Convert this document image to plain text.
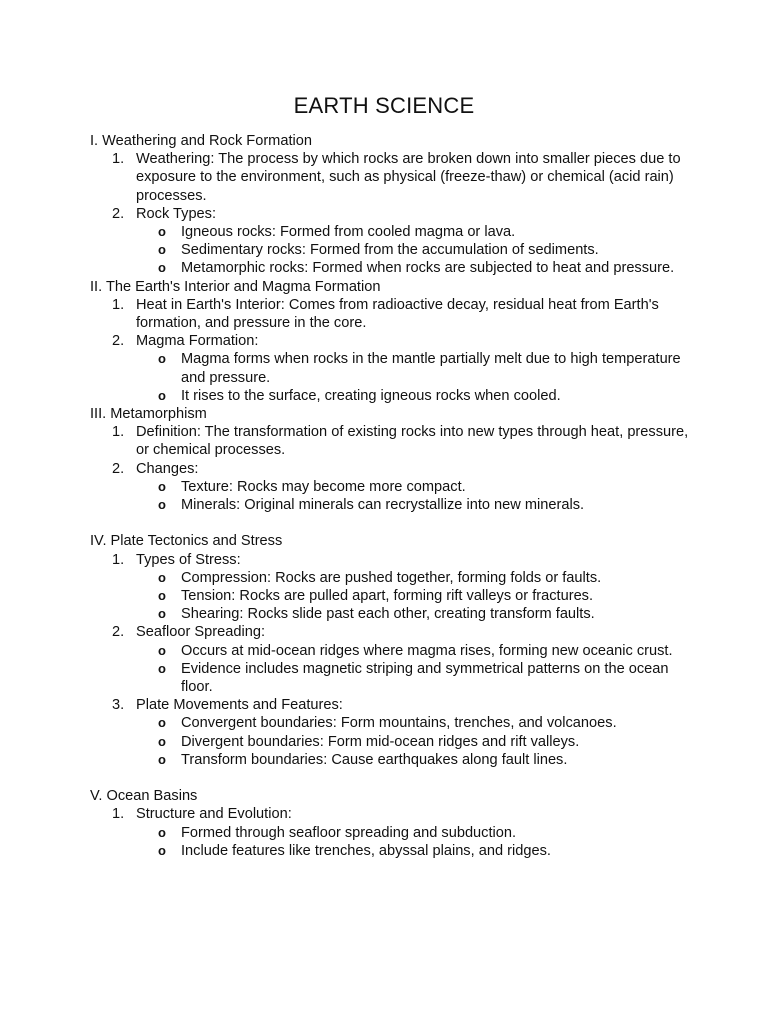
EARTH SCIENCE
I. Weathering and Rock Formation
1. Weathering: The process by which rocks are broken down into smaller pieces due to exposure to the environment, such as physical (freeze-thaw) or chemical (acid rain) processes.
2. Rock Types:
o Igneous rocks: Formed from cooled magma or lava.
o Sedimentary rocks: Formed from the accumulation of sediments.
o Metamorphic rocks: Formed when rocks are subjected to heat and pressure.
II. The Earth's Interior and Magma Formation
1. Heat in Earth's Interior: Comes from radioactive decay, residual heat from Earth's formation, and pressure in the core.
2. Magma Formation:
o Magma forms when rocks in the mantle partially melt due to high temperature and pressure.
o It rises to the surface, creating igneous rocks when cooled.
III. Metamorphism
1. Definition: The transformation of existing rocks into new types through heat, pressure, or chemical processes.
2. Changes:
o Texture: Rocks may become more compact.
o Minerals: Original minerals can recrystallize into new minerals.
IV. Plate Tectonics and Stress
1. Types of Stress:
o Compression: Rocks are pushed together, forming folds or faults.
o Tension: Rocks are pulled apart, forming rift valleys or fractures.
o Shearing: Rocks slide past each other, creating transform faults.
2. Seafloor Spreading:
o Occurs at mid-ocean ridges where magma rises, forming new oceanic crust.
o Evidence includes magnetic striping and symmetrical patterns on the ocean floor.
3. Plate Movements and Features:
o Convergent boundaries: Form mountains, trenches, and volcanoes.
o Divergent boundaries: Form mid-ocean ridges and rift valleys.
o Transform boundaries: Cause earthquakes along fault lines.
V. Ocean Basins
1. Structure and Evolution:
o Formed through seafloor spreading and subduction.
o Include features like trenches, abyssal plains, and ridges.
